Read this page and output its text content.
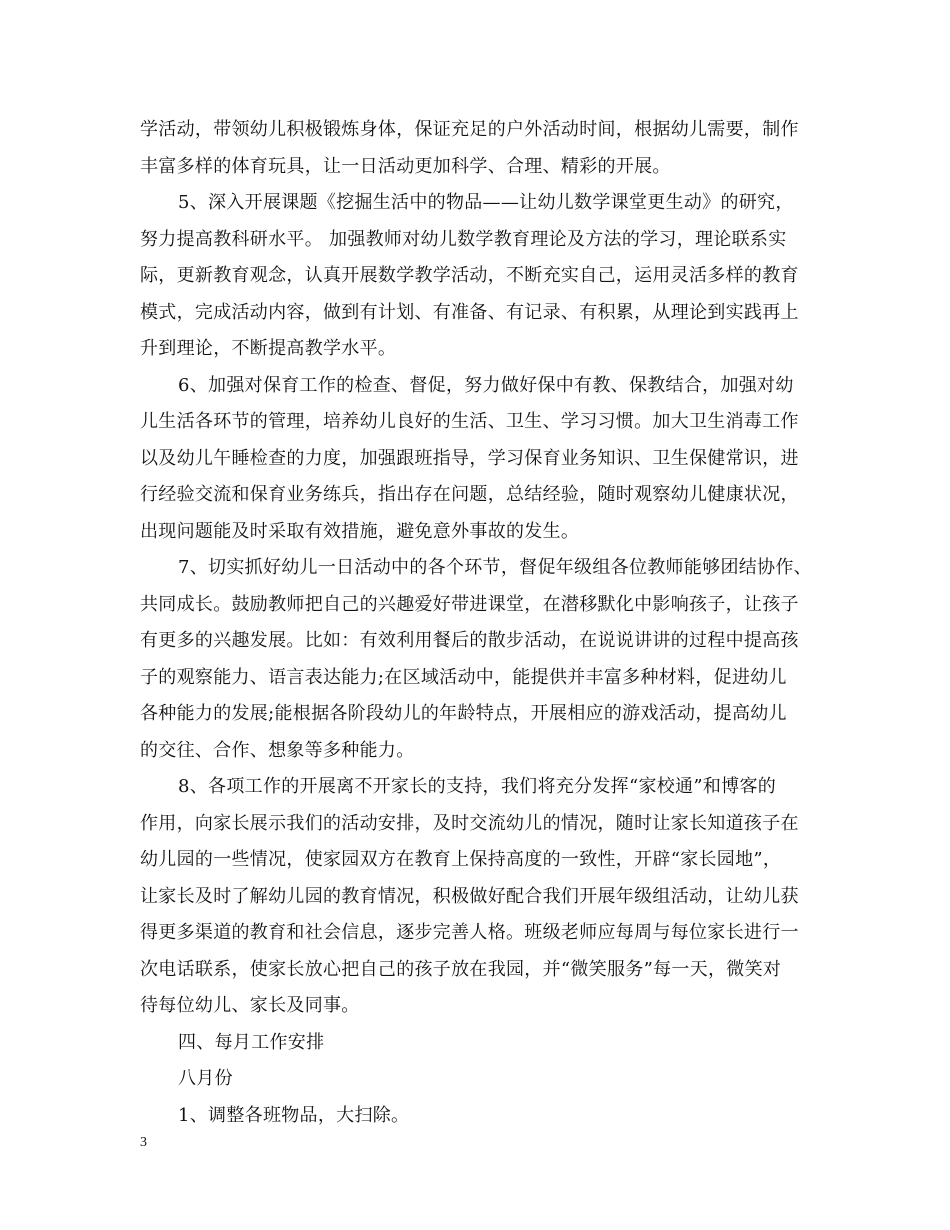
学活动，带领幼儿积极锻炼身体，保证充足的户外活动时间，根据幼儿需要，制作
丰富多样的体育玩具，让一日活动更加科学、合理、精彩的开展。
5、深入开展课题《挖掘生活中的物品——让幼儿数学课堂更生动》的研究，
努力提高教科研水平。 加强教师对幼儿数学教育理论及方法的学习，理论联系实
际，更新教育观念，认真开展数学教学活动，不断充实自己，运用灵活多样的教育
模式，完成活动内容，做到有计划、有准备、有记录、有积累，从理论到实践再上
升到理论，不断提高教学水平。
6、加强对保育工作的检查、督促，努力做好保中有教、保教结合，加强对幼
儿生活各环节的管理，培养幼儿良好的生活、卫生、学习习惯。加大卫生消毒工作
以及幼儿午睡检查的力度，加强跟班指导，学习保育业务知识、卫生保健常识，进
行经验交流和保育业务练兵，指出存在问题，总结经验，随时观察幼儿健康状况，
出现问题能及时采取有效措施，避免意外事故的发生。
7、切实抓好幼儿一日活动中的各个环节，督促年级组各位教师能够团结协作、
共同成长。鼓励教师把自己的兴趣爱好带进课堂，在潜移默化中影响孩子，让孩子
有更多的兴趣发展。比如：有效利用餐后的散步活动，在说说讲讲的过程中提高孩
子的观察能力、语言表达能力;在区域活动中，能提供并丰富多种材料，促进幼儿
各种能力的发展;能根据各阶段幼儿的年龄特点，开展相应的游戏活动，提高幼儿
的交往、合作、想象等多种能力。
8、各项工作的开展离不开家长的支持，我们将充分发挥“家校通”和博客的
作用，向家长展示我们的活动安排，及时交流幼儿的情况，随时让家长知道孩子在
幼儿园的一些情况，使家园双方在教育上保持高度的一致性，开辟“家长园地”，
让家长及时了解幼儿园的教育情况，积极做好配合我们开展年级组活动，让幼儿获
得更多渠道的教育和社会信息，逐步完善人格。班级老师应每周与每位家长进行一
次电话联系，使家长放心把自己的孩子放在我园，并“微笑服务”每一天，微笑对
待每位幼儿、家长及同事。
四、每月工作安排
八月份
1、调整各班物品，大扫除。
3
